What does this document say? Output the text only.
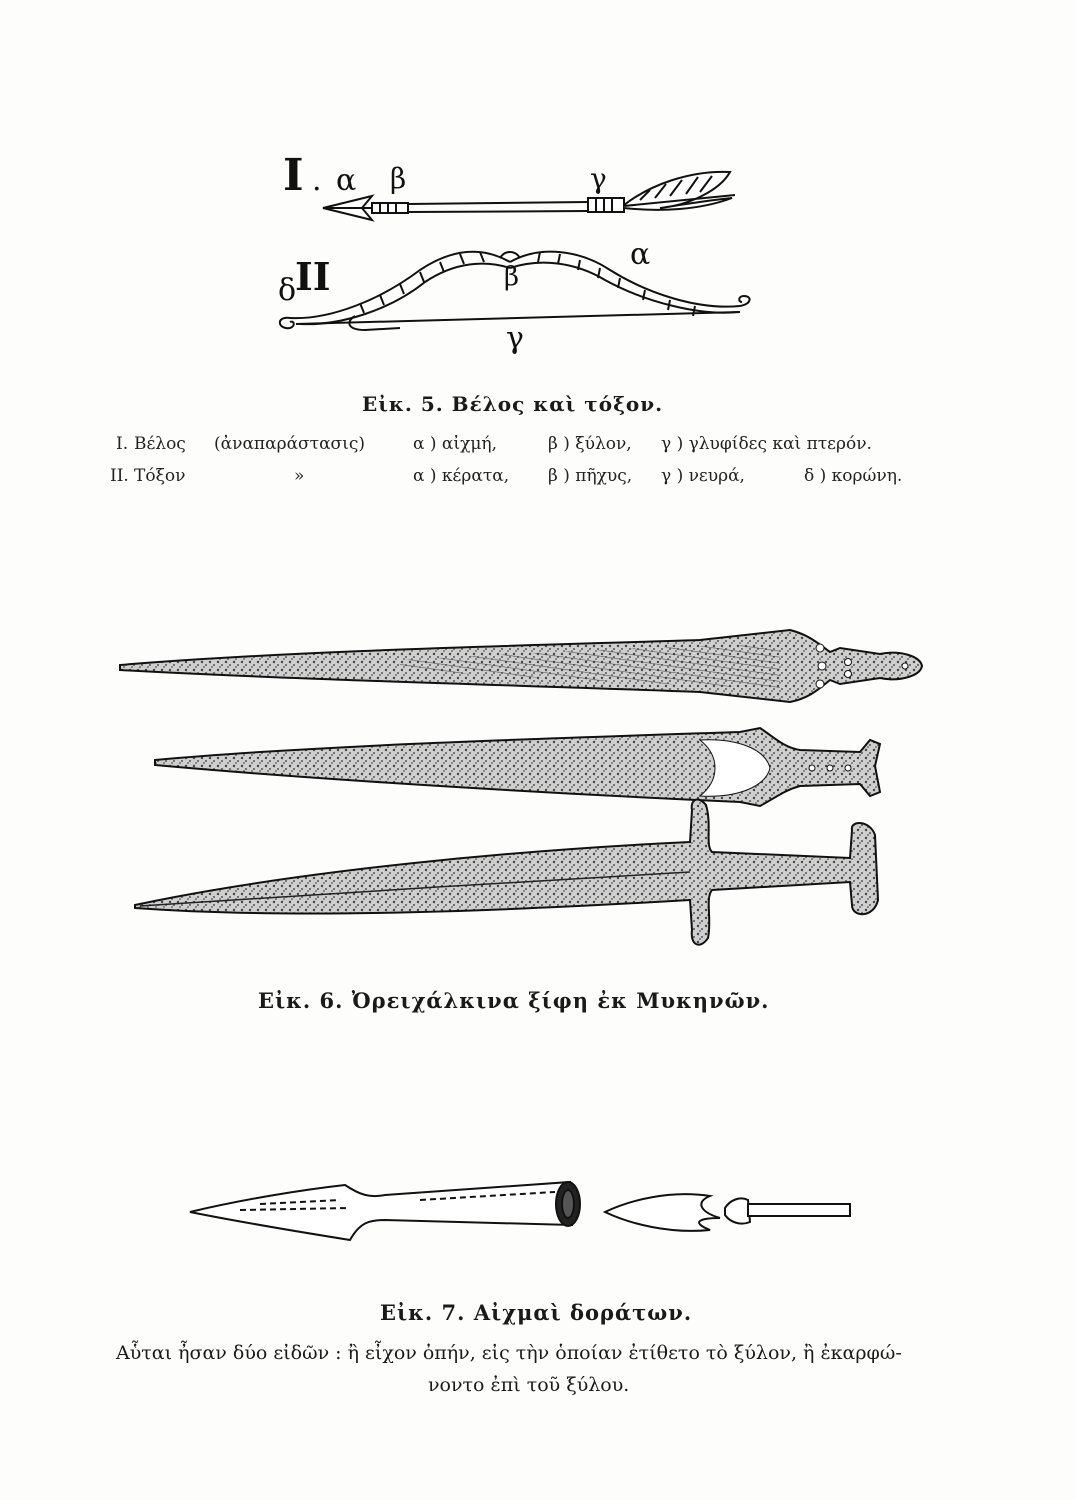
I . α β	γ
δ
II	α
β
γ
Εἰκ. 5. Βέλος καὶ τόξον.
I. Βέλος (ἀναπαράστασις)	α ) αἰχμή,	β ) ξύλον, γ ) γλυφίδες καὶ πτερόν.
II. Τόξον	»	α ) κέρατα, β ) πῆχυς, γ ) νευρά,	δ ) κορώνη.
Εἰκ. 6. Ὀρειχάλκινα ξίφη ἐκ Μυκηνῶν.
Εἰκ. 7. Αἰχμαὶ δοράτων.
Αὗται ἦσαν δύο εἰδῶν : ἢ εἶχον ὀπήν, εἰς τὴν ὁποίαν ἐτίθετο τὸ ξύλον, ἢ ἐκαρφώ-
νοντο ἐπὶ τοῦ ξύλου.
